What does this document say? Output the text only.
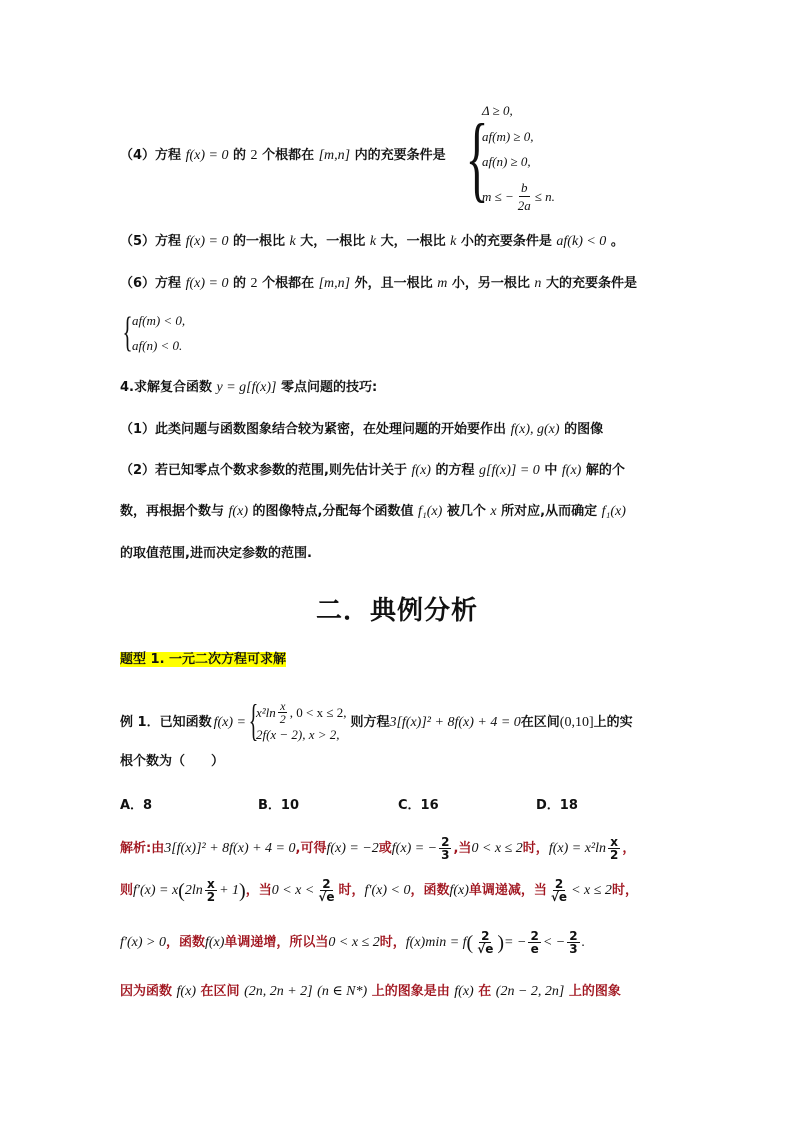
（4）方程 f(x) = 0 的 2 个根都在 [m,n] 内的充要条件是 {
Δ ≥ 0,
af(m) ≥ 0,
af(n) ≥ 0,
m ≤ − $\frac{b}{2a} \le n$.
（5）方程 f(x) = 0 的一根比 k 大，一根比 k 大，一根比 k 小的充要条件是 af(k) < 0 。
（6）方程 f(x) = 0 的 2 个根都在 [m,n] 外，且一根比 m 小，另一根比 n 大的充要条件是
{ af(m) < 0,
af(n) < 0.
4.求解复合函数 y = g[f(x)] 零点问题的技巧:
（1）此类问题与函数图象结合较为紧密，在处理问题的开始要作出 f(x), g(x) 的图像
（2）若已知零点个数求参数的范围,则先估计关于 f(x) 的方程 g[f(x)] = 0 中 f(x) 解的个
数，再根据个数与 f(x) 的图像特点,分配每个函数值 f₁(x) 被几个 x 所对应,从而确定 f₁(x)
的取值范围,进而决定参数的范围.
二．典例分析
题型 1. 一元二次方程可求解
例 1．已知函数 f(x) = {
$x^2\ln \frac{x}{2}$ , 0 < x ≤ 2,
2f(x − 2), x > 2,
则方程 3[f(x)]² + 8f(x) + 4 = 0 在区间 (0,10] 上的实
根个数为（　　）
A．8	B．10	C．16	D．18
解析:由 3[f(x)]² + 8f(x) + 4 = 0 ,可得 f(x) = −2 或 f(x) = − $\frac{2}{3}$ ,当 0 < x ≤ 2 时， $f(x) = x^2\ln \frac{x}{2}$ ，
则 f′(x) = x ( $2\ln \frac{x}{2} + 1$ ) ，当 $0 < x < \frac{2}{√e}$ 时， f′(x) < 0 ，函数 f(x) 单调递减，当 $\frac{2}{√e} < x \le 2$ 时，
f′(x) > 0 ，函数 f(x) 单调递增，所以当 0 < x ≤ 2 时， f(x)min = f ( $\frac{2}{√e}$ ) = − $\frac{2}{e}$ < − $\frac{2}{3}$ .
因为函数 f(x) 在区间 (2n, 2n + 2] (n ∈ N*) 上的图象是由 f(x) 在 (2n − 2, 2n] 上的图象
